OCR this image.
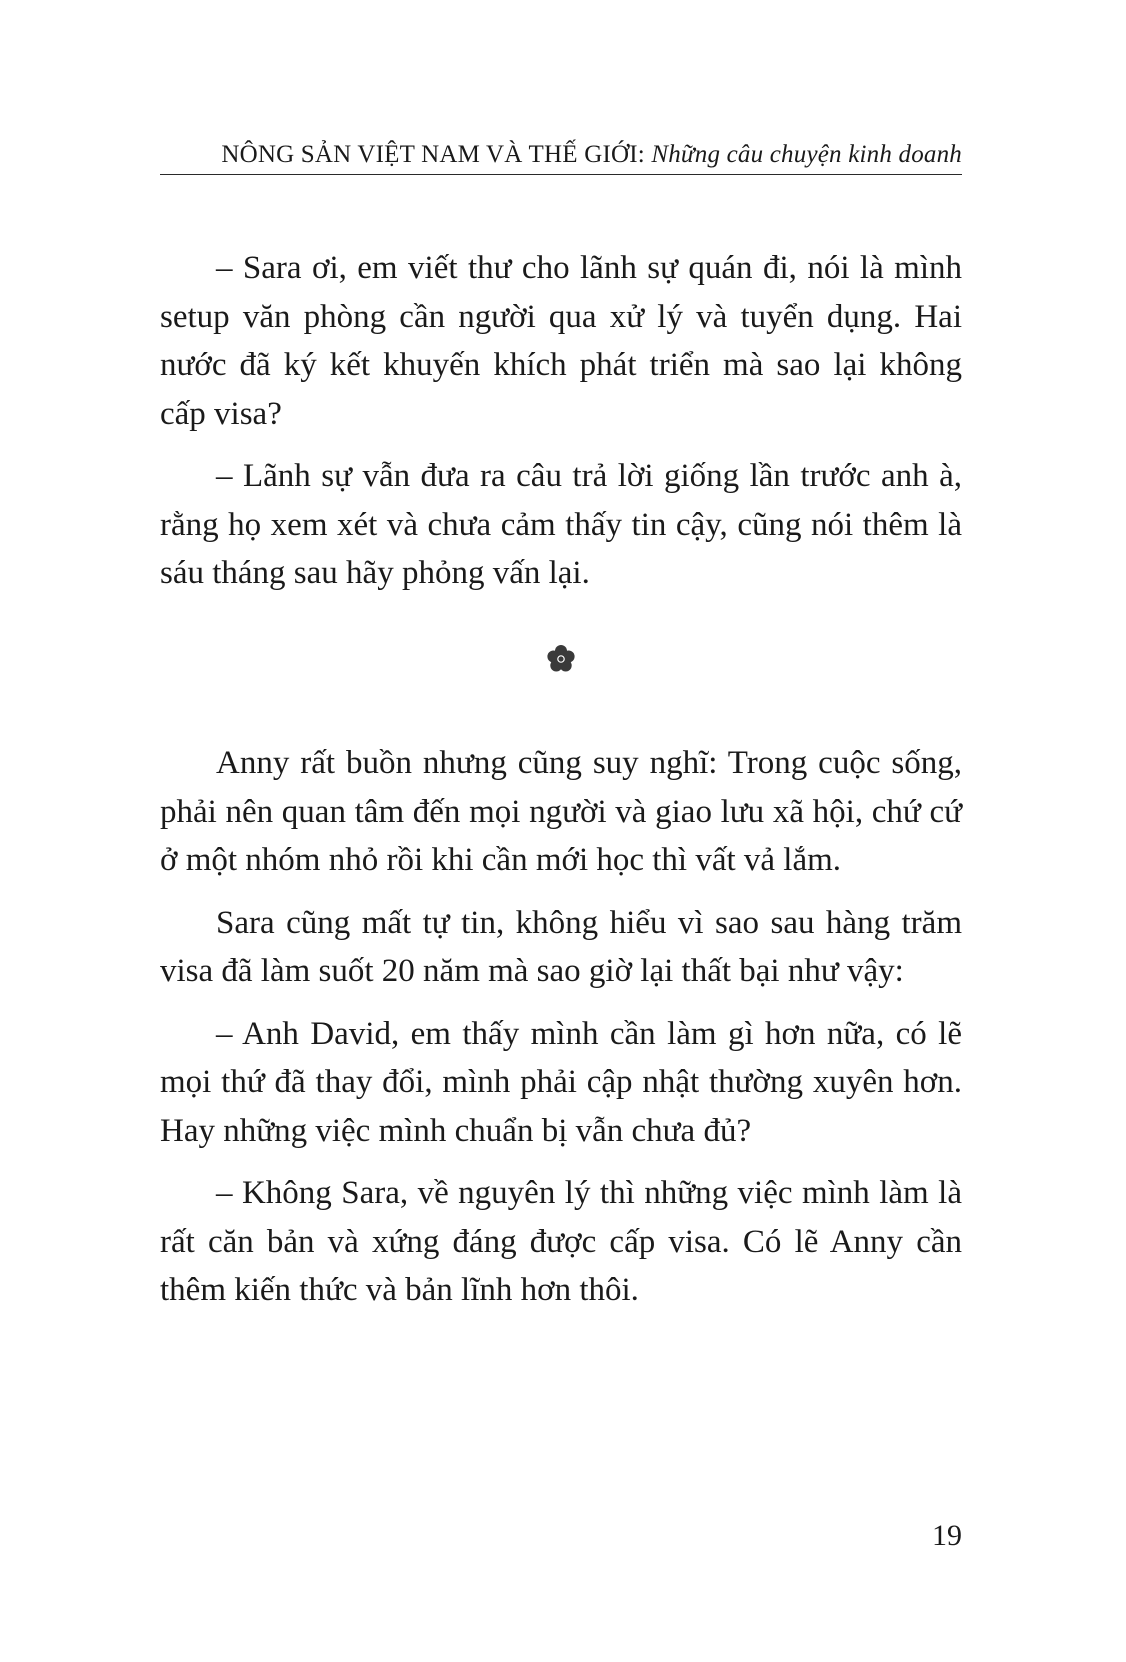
NÔNG SẢN VIỆT NAM VÀ THẾ GIỚI: Những câu chuyện kinh doanh

– Sara ơi, em viết thư cho lãnh sự quán đi, nói là mình setup văn phòng cần người qua xử lý và tuyển dụng. Hai nước đã ký kết khuyến khích phát triển mà sao lại không cấp visa?

– Lãnh sự vẫn đưa ra câu trả lời giống lần trước anh à, rằng họ xem xét và chưa cảm thấy tin cậy, cũng nói thêm là sáu tháng sau hãy phỏng vấn lại.

Anny rất buồn nhưng cũng suy nghĩ: Trong cuộc sống, phải nên quan tâm đến mọi người và giao lưu xã hội, chứ cứ ở một nhóm nhỏ rồi khi cần mới học thì vất vả lắm.

Sara cũng mất tự tin, không hiểu vì sao sau hàng trăm visa đã làm suốt 20 năm mà sao giờ lại thất bại như vậy:

– Anh David, em thấy mình cần làm gì hơn nữa, có lẽ mọi thứ đã thay đổi, mình phải cập nhật thường xuyên hơn. Hay những việc mình chuẩn bị vẫn chưa đủ?

– Không Sara, về nguyên lý thì những việc mình làm là rất căn bản và xứng đáng được cấp visa. Có lẽ Anny cần thêm kiến thức và bản lĩnh hơn thôi.

19
